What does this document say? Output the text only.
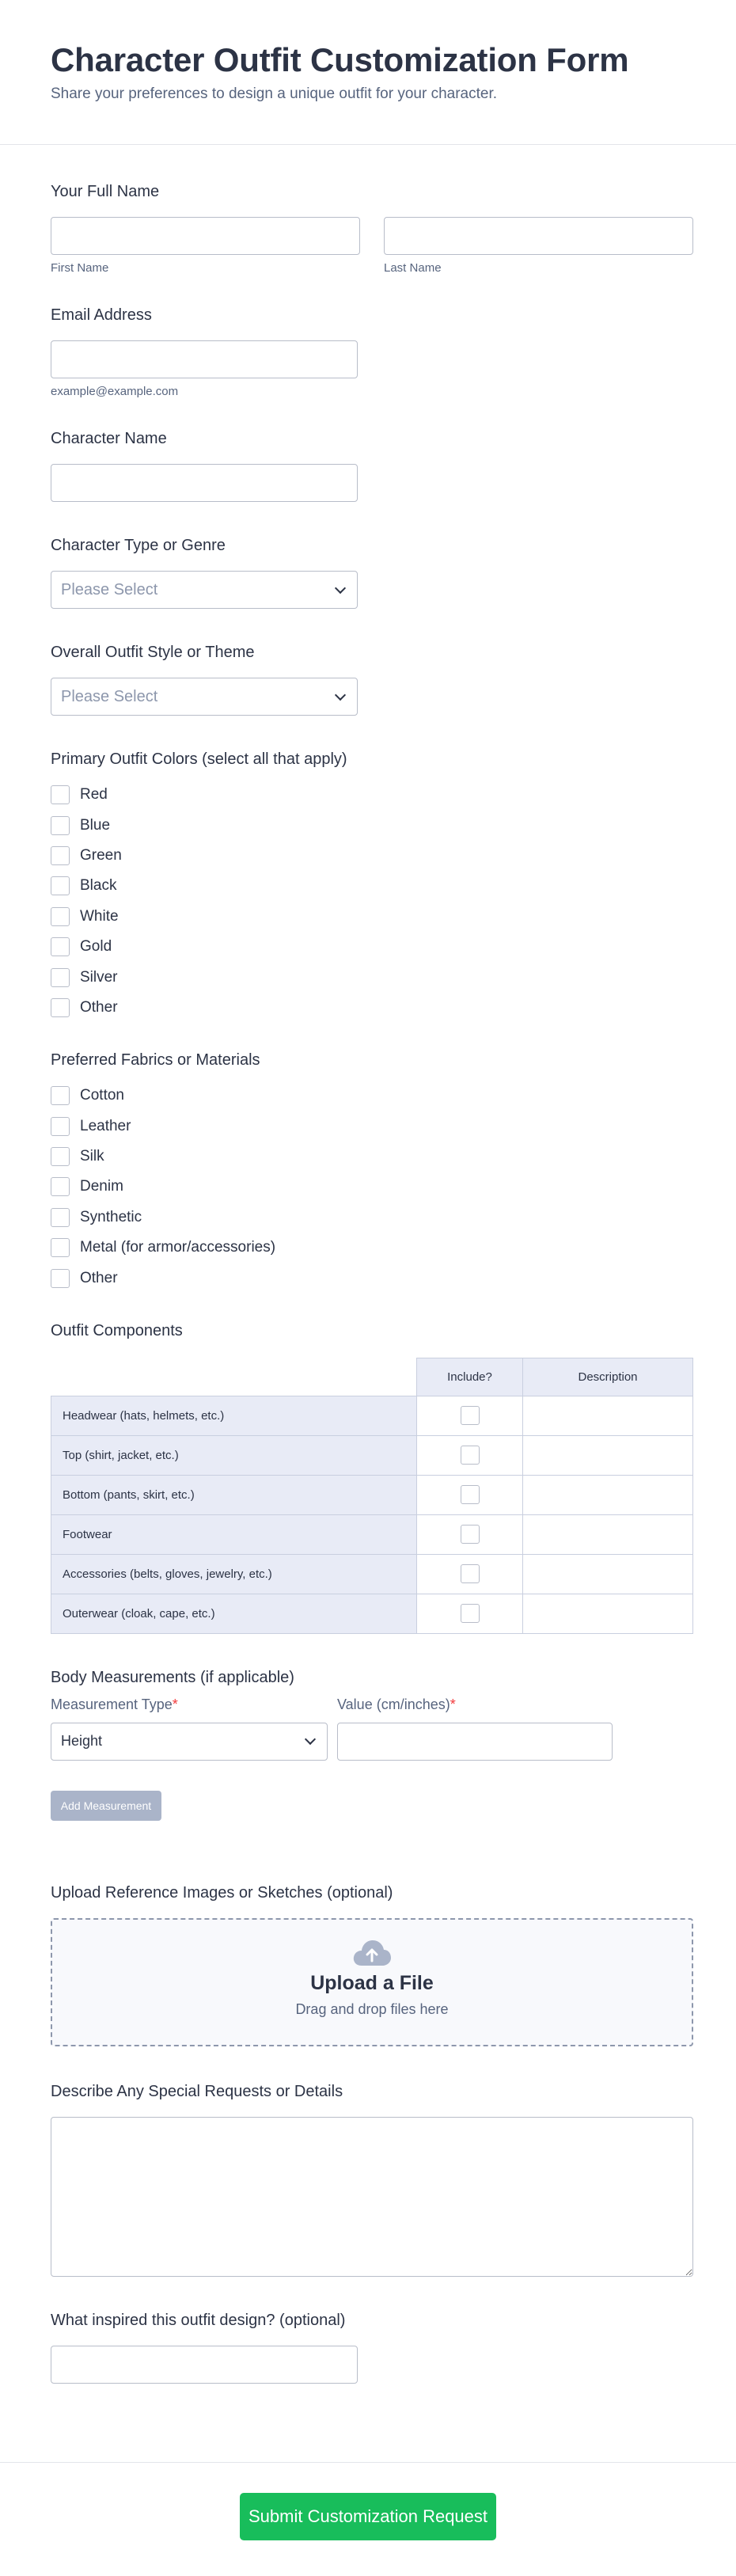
Character Outfit Customization Form

Share your preferences to design a unique outfit for your character.

Your Full Name
First Name	Last Name
Email Address
example@example.com
Character Name
Character Type or Genre
Please Select
Overall Outfit Style or Theme
Please Select
Primary Outfit Colors (select all that apply)
Red
Blue
Green
Black
White
Gold
Silver
Other
Preferred Fabrics or Materials
Cotton
Leather
Silk
Denim
Synthetic
Metal (for armor/accessories)
Other
Outfit Components
	Include?	Description
Headwear (hats, helmets, etc.)		
Top (shirt, jacket, etc.)		
Bottom (pants, skirt, etc.)		
Footwear		
Accessories (belts, gloves, jewelry, etc.)		
Outerwear (cloak, cape, etc.)		
Body Measurements (if applicable)
Measurement Type*
Height
Value (cm/inches)*
Add Measurement
Upload Reference Images or Sketches (optional)
Upload a File
Drag and drop files here
Describe Any Special Requests or Details
What inspired this outfit design? (optional)
Submit Customization Request
